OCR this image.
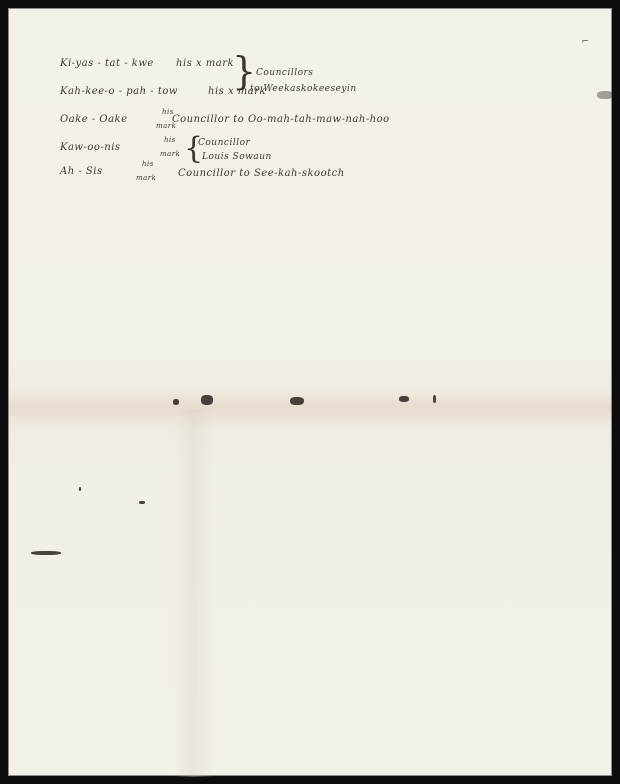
⌐
Ki-yas - tat - kwe his x mark
Kah-kee-o - pah - tow	his x mark
} Councillors
to Weekaskokeeseyin
Oake - Oake
his
mark
Councillor to Oo-mah-tah-maw-nah-hoo
Kaw-oo-nis
his
mark {
Councillor
Louis Sowaun
Ah - Sis
his
mark Councillor to See-kah-skootch
